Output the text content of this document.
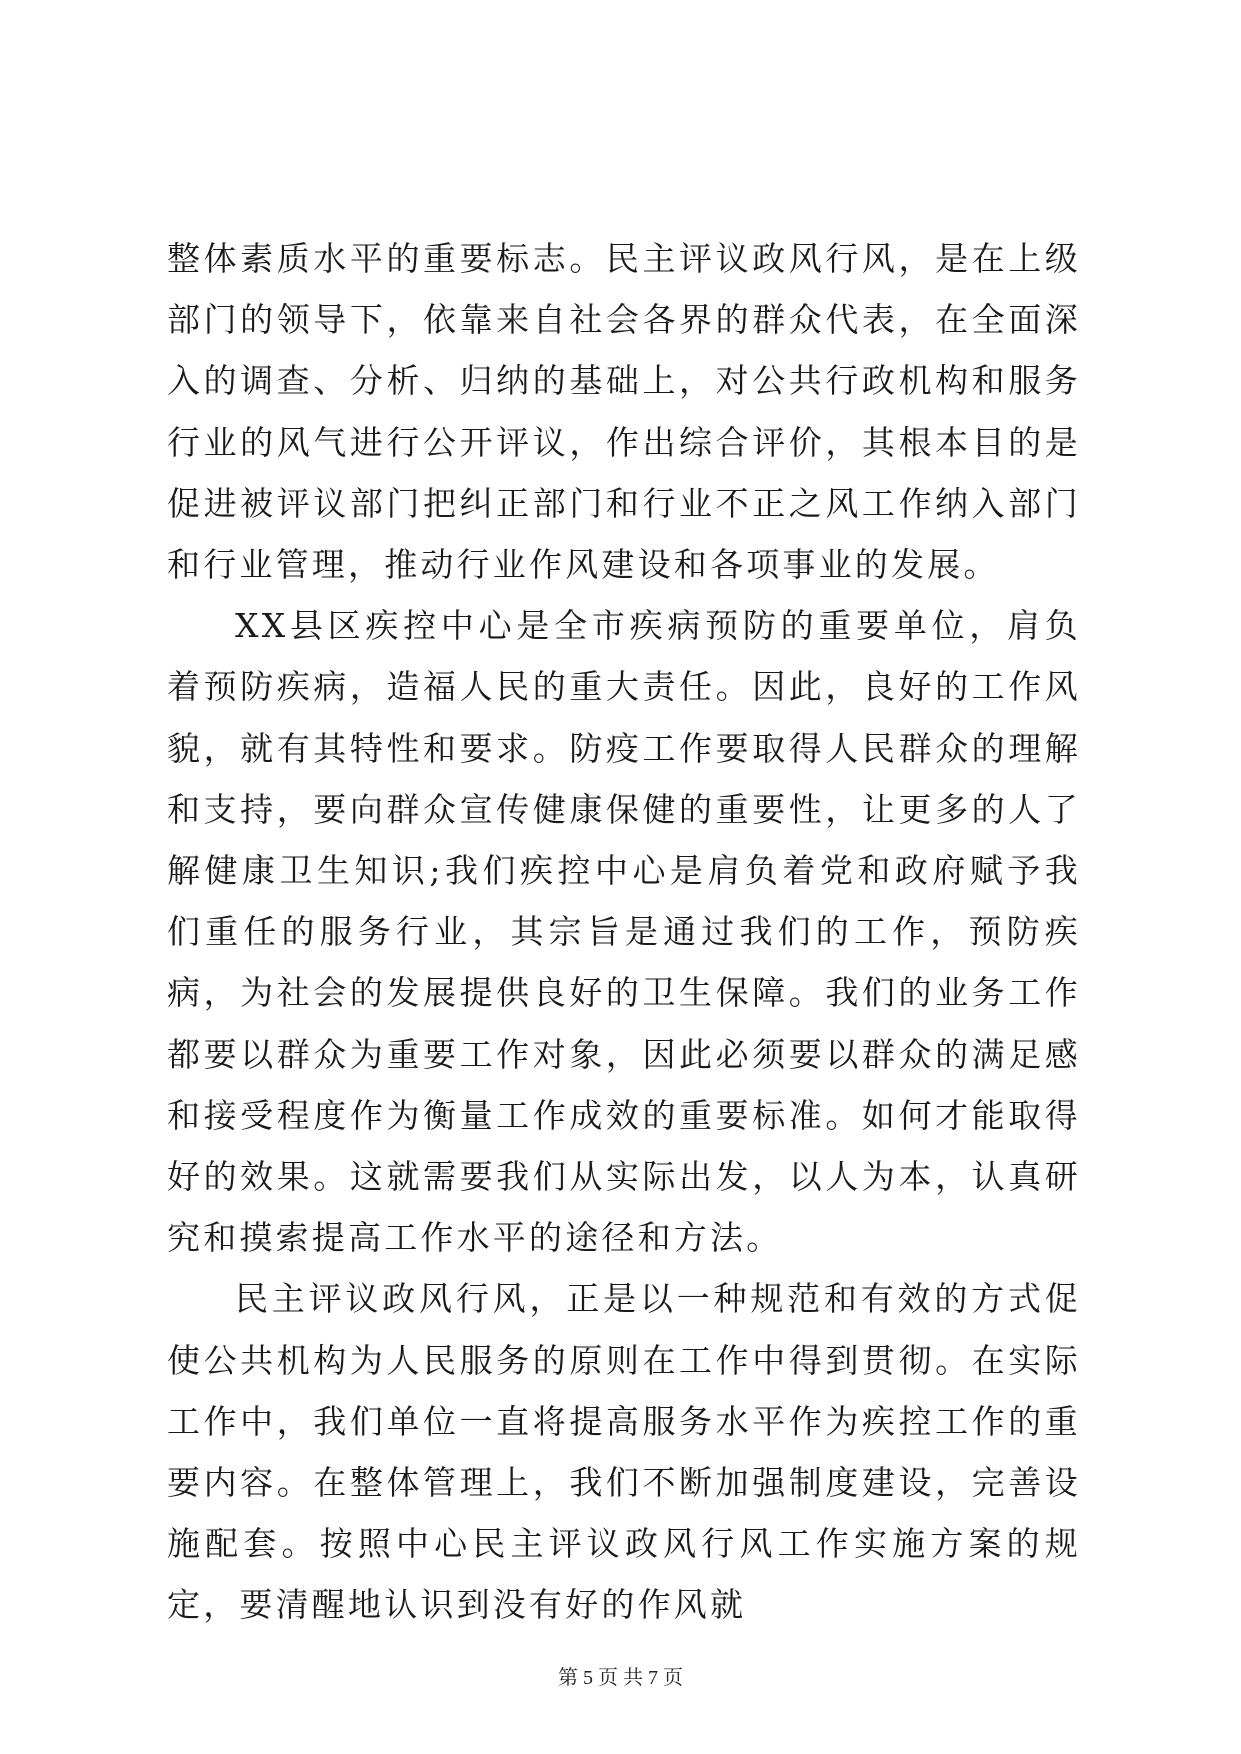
整体素质水平的重要标志。民主评议政风行风，是在上级部门的领导下，依靠来自社会各界的群众代表，在全面深入的调查、分析、归纳的基础上，对公共行政机构和服务行业的风气进行公开评议，作出综合评价，其根本目的是促进被评议部门把纠正部门和行业不正之风工作纳入部门和行业管理，推动行业作风建设和各项事业的发展。

XX县区疾控中心是全市疾病预防的重要单位，肩负着预防疾病，造福人民的重大责任。因此，良好的工作风貌，就有其特性和要求。防疫工作要取得人民群众的理解和支持，要向群众宣传健康保健的重要性，让更多的人了解健康卫生知识;我们疾控中心是肩负着党和政府赋予我们重任的服务行业，其宗旨是通过我们的工作，预防疾病，为社会的发展提供良好的卫生保障。我们的业务工作都要以群众为重要工作对象，因此必须要以群众的满足感和接受程度作为衡量工作成效的重要标准。如何才能取得好的效果。这就需要我们从实际出发，以人为本，认真研究和摸索提高工作水平的途径和方法。

民主评议政风行风，正是以一种规范和有效的方式促使公共机构为人民服务的原则在工作中得到贯彻。在实际工作中，我们单位一直将提高服务水平作为疾控工作的重要内容。在整体管理上，我们不断加强制度建设，完善设施配套。按照中心民主评议政风行风工作实施方案的规定，要清醒地认识到没有好的作风就

第 5 页 共 7 页
